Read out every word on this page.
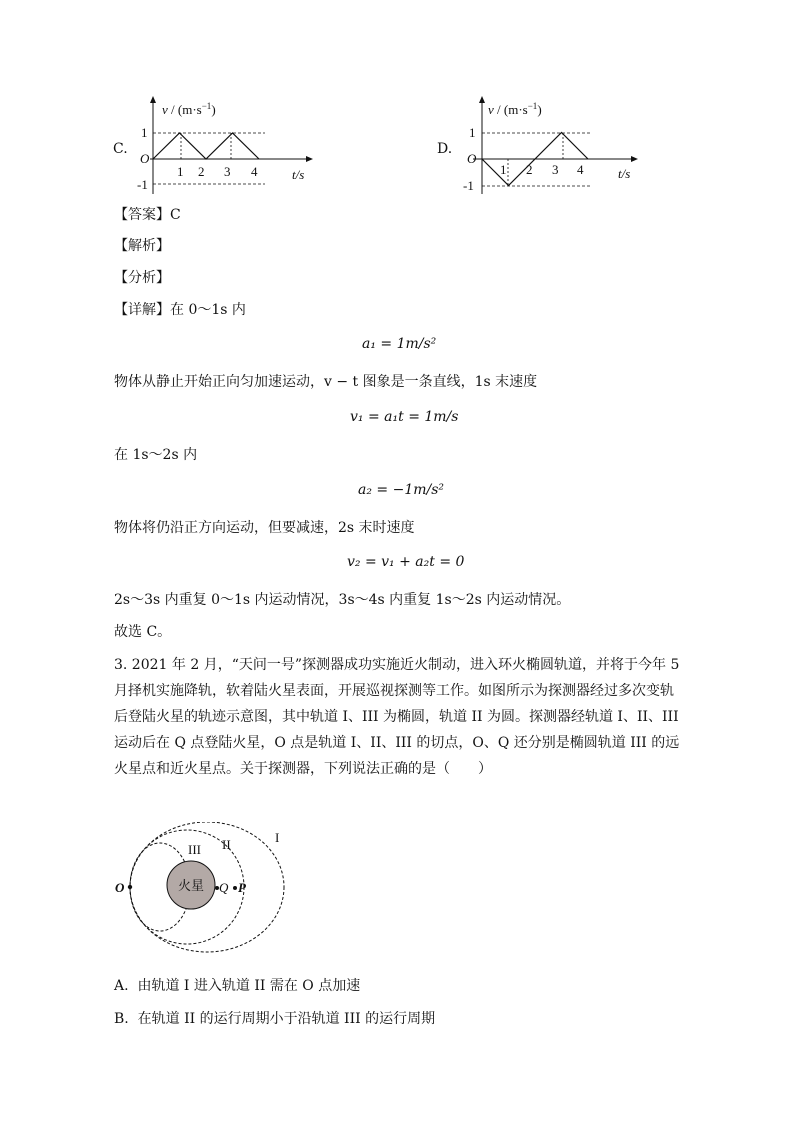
C.
$v / (m\cdot s^{-1})$
O
1
-1
1 2 3 4	t/s
D.
$v / (m\cdot s^{-1})$
O
1
-1
1 2 3 4	t/s
【答案】C
【解析】
【分析】
【详解】在 0～1s 内
a₁ = 1m/s²
物体从静止开始正向匀加速运动，v − t 图象是一条直线，1s 末速度
v₁ = a₁t = 1m/s
在 1s～2s 内
a₂ = −1m/s²
物体将仍沿正方向运动，但要减速，2s 末时速度
v₂ = v₁ + a₂t = 0
2s～3s 内重复 0～1s 内运动情况，3s～4s 内重复 1s～2s 内运动情况。
故选 C。
3. 2021 年 2 月，“天问一号”探测器成功实施近火制动，进入环火椭圆轨道，并将于今年 5 月择机实施降轨，软着陆火星表面，开展巡视探测等工作。如图所示为探测器经过多次变轨后登陆火星的轨迹示意图，其中轨道 I、III 为椭圆，轨道 II 为圆。探测器经轨道 I、II、III 运动后在 Q 点登陆火星，O 点是轨道 I、II、III 的切点，O、Q 还分别是椭圆轨道 III 的远火星点和近火星点。关于探测器，下列说法正确的是（　　）
火星
I
II
III
O	Q P
A.  由轨道 I 进入轨道 II 需在 O 点加速
B.  在轨道 II 的运行周期小于沿轨道 III 的运行周期
